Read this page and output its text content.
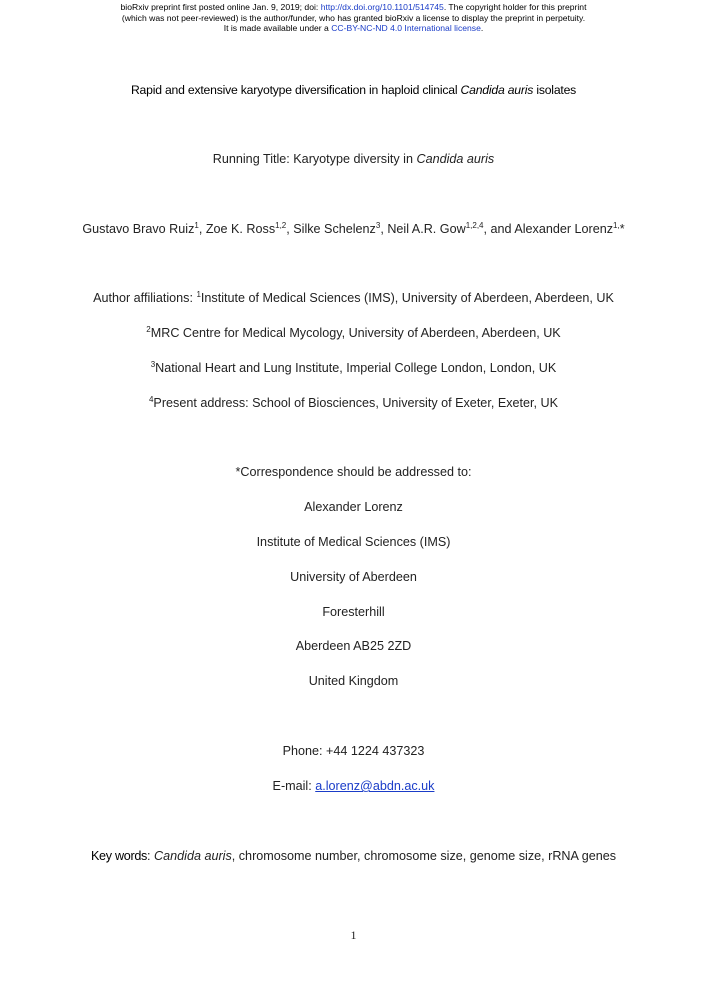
bioRxiv preprint first posted online Jan. 9, 2019; doi: http://dx.doi.org/10.1101/514745. The copyright holder for this preprint
(which was not peer-reviewed) is the author/funder, who has granted bioRxiv a license to display the preprint in perpetuity.
It is made available under a CC-BY-NC-ND 4.0 International license.
Rapid and extensive karyotype diversification in haploid clinical Candida auris isolates
Running Title: Karyotype diversity in Candida auris
Gustavo Bravo Ruiz$^1$, Zoe K. Ross$^{1,2}$, Silke Schelenz$^3$, Neil A.R. Gow$^{1,2,4}$, and Alexander Lorenz$^{1,}$*
Author affiliations: $^1$Institute of Medical Sciences (IMS), University of Aberdeen, Aberdeen, UK
$^2$MRC Centre for Medical Mycology, University of Aberdeen, Aberdeen, UK
$^3$National Heart and Lung Institute, Imperial College London, London, UK
$^4$Present address: School of Biosciences, University of Exeter, Exeter, UK
*Correspondence should be addressed to:
Alexander Lorenz
Institute of Medical Sciences (IMS)
University of Aberdeen
Foresterhill
Aberdeen AB25 2ZD
United Kingdom
Phone: +44 1224 437323
E-mail: a.lorenz@abdn.ac.uk
Key words: Candida auris, chromosome number, chromosome size, genome size, rRNA genes
1
